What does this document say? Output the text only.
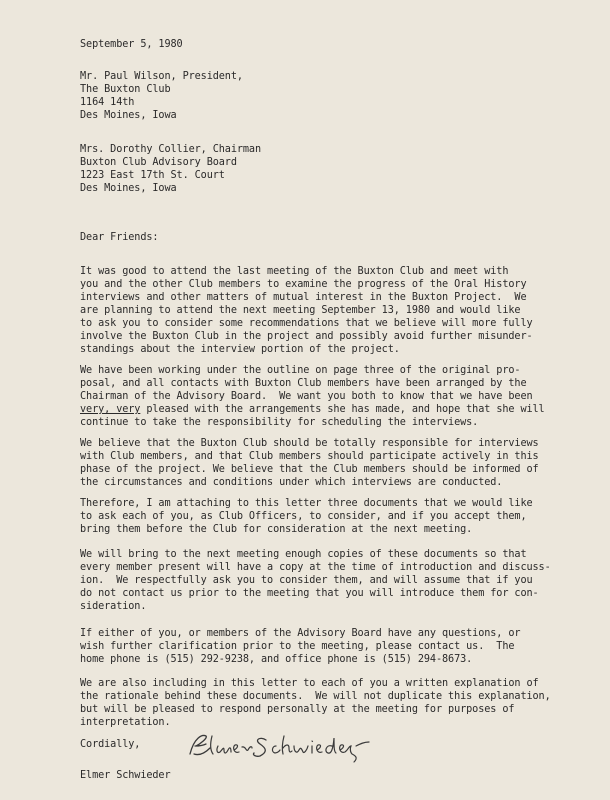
September 5, 1980
Mr. Paul Wilson, President,
The Buxton Club
1164 14th
Des Moines, Iowa
Mrs. Dorothy Collier, Chairman
Buxton Club Advisory Board
1223 East 17th St. Court
Des Moines, Iowa
Dear Friends:
It was good to attend the last meeting of the Buxton Club and meet with
you and the other Club members to examine the progress of the Oral History
interviews and other matters of mutual interest in the Buxton Project.  We
are planning to attend the next meeting September 13, 1980 and would like
to ask you to consider some recommendations that we believe will more fully
involve the Buxton Club in the project and possibly avoid further misunder-
standings about the interview portion of the project.
We have been working under the outline on page three of the original pro-
posal, and all contacts with Buxton Club members have been arranged by the
Chairman of the Advisory Board.  We want you both to know that we have been
very, very pleased with the arrangements she has made, and hope that she will
continue to take the responsibility for scheduling the interviews.
We believe that the Buxton Club should be totally responsible for interviews
with Club members, and that Club members should participate actively in this
phase of the project. We believe that the Club members should be informed of
the circumstances and conditions under which interviews are conducted.
Therefore, I am attaching to this letter three documents that we would like
to ask each of you, as Club Officers, to consider, and if you accept them,
bring them before the Club for consideration at the next meeting.
We will bring to the next meeting enough copies of these documents so that
every member present will have a copy at the time of introduction and discuss-
ion.  We respectfully ask you to consider them, and will assume that if you
do not contact us prior to the meeting that you will introduce them for con-
sideration.
If either of you, or members of the Advisory Board have any questions, or
wish further clarification prior to the meeting, please contact us.  The
home phone is (515) 292-9238, and office phone is (515) 294-8673.
We are also including in this letter to each of you a written explanation of
the rationale behind these documents.  We will not duplicate this explanation,
but will be pleased to respond personally at the meeting for purposes of
interpretation.
Cordially,
Elmer Schwieder
